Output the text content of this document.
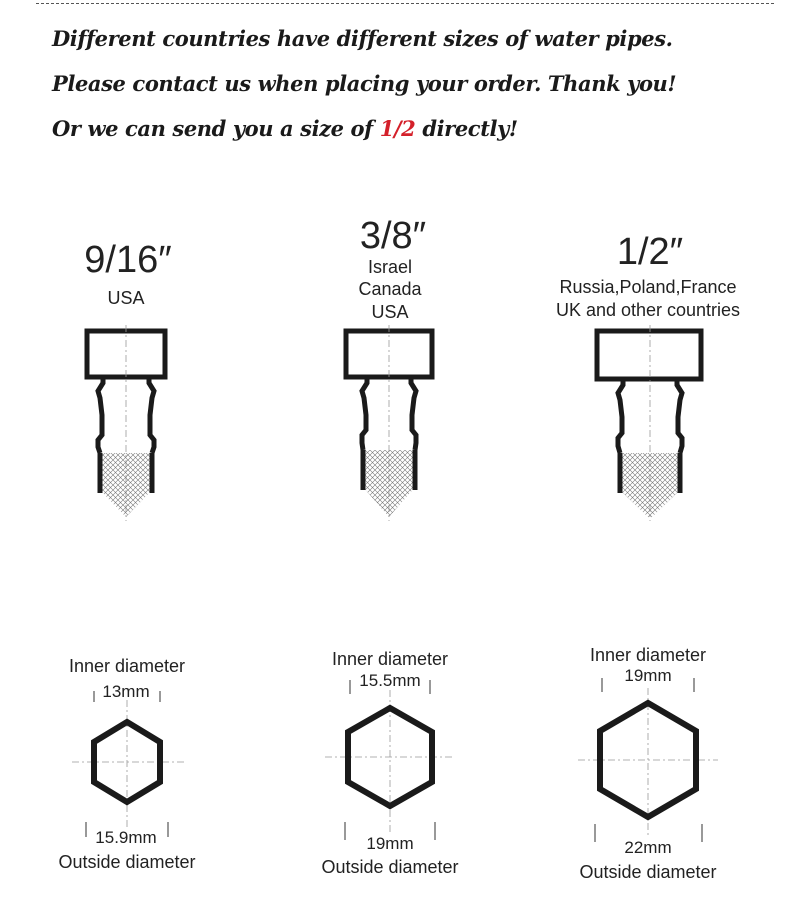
Different countries have different sizes of water pipes.

Please contact us when placing your order. Thank you!

Or we can send you a size of 1/2 directly!

9/16″
USA
3/8″
Israel
Canada
USA
1/2″
Russia,Poland,France
UK and other countries
Inner diameter
13mm
15.9mm
Outside diameter
Inner diameter
15.5mm
19mm
Outside diameter
Inner diameter
19mm
22mm
Outside diameter
